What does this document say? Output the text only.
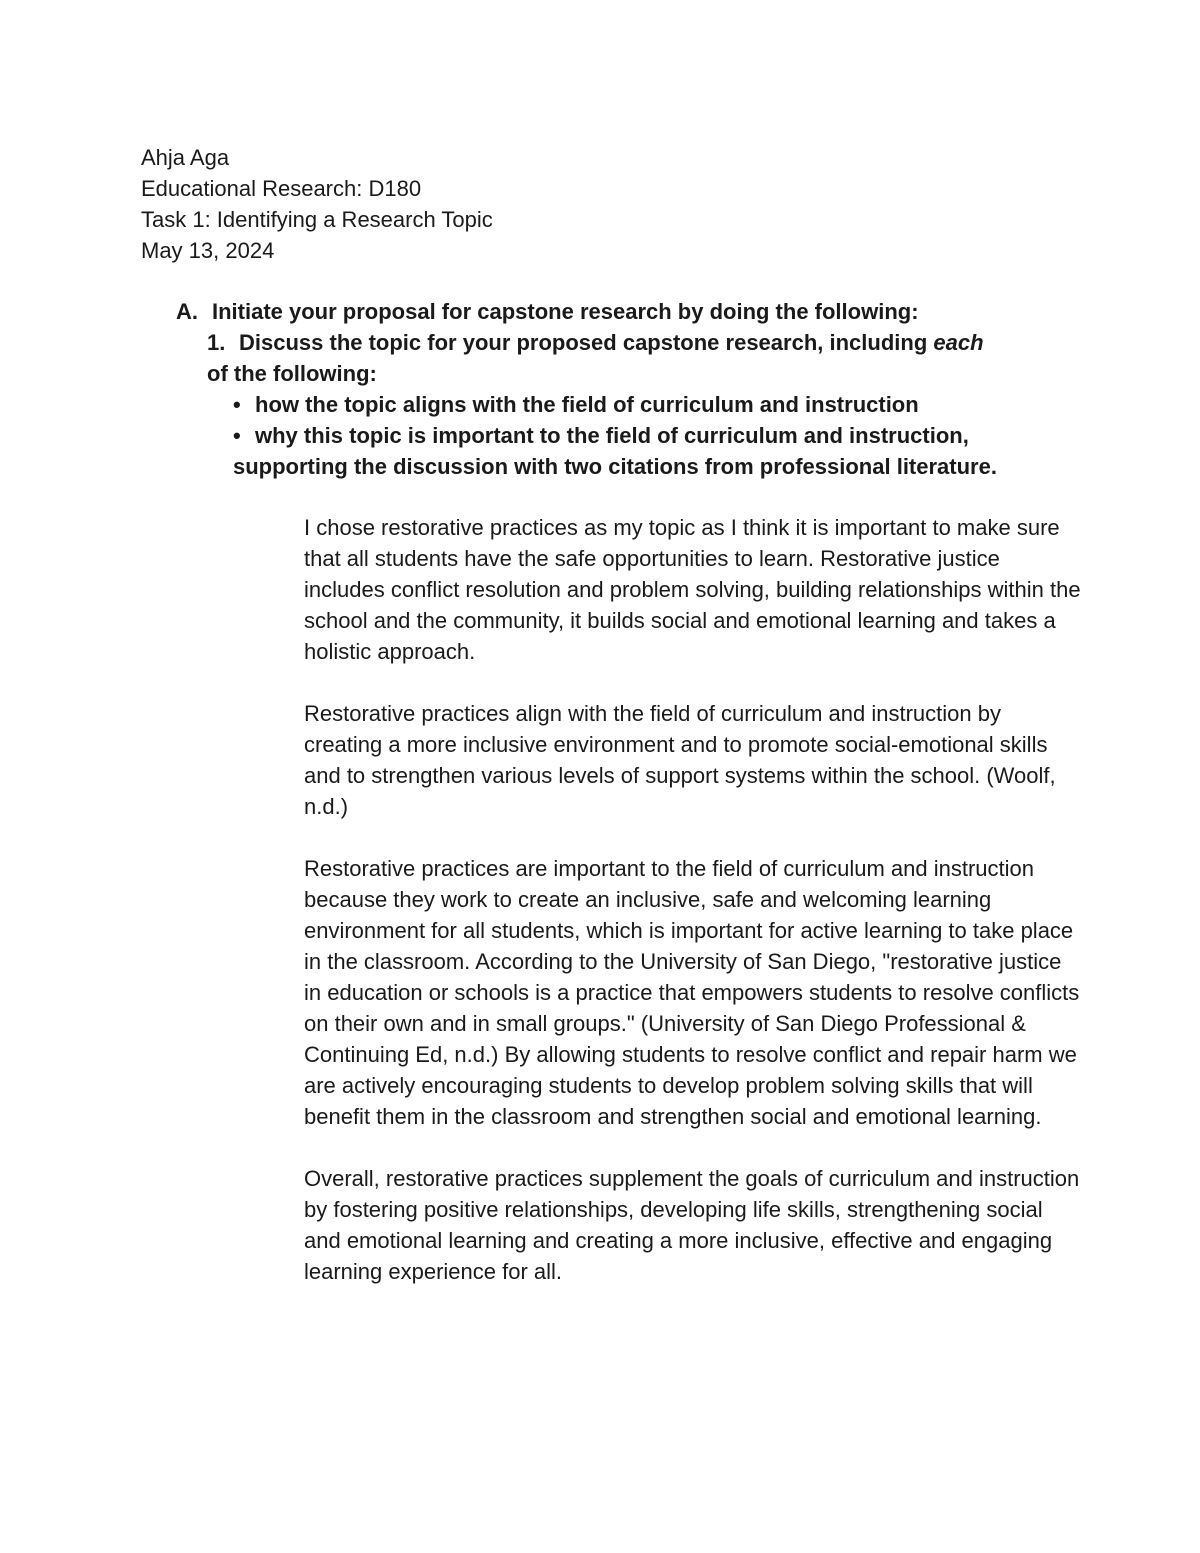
Ahja Aga
Educational Research: D180
Task 1: Identifying a Research Topic
May 13, 2024
A. Initiate your proposal for capstone research by doing the following:
1. Discuss the topic for your proposed capstone research, including each
of the following:
• how the topic aligns with the field of curriculum and instruction
• why this topic is important to the field of curriculum and instruction,
supporting the discussion with two citations from professional literature.

I chose restorative practices as my topic as I think it is important to make sure that all students have the safe opportunities to learn. Restorative justice includes conflict resolution and problem solving, building relationships within the school and the community, it builds social and emotional learning and takes a holistic approach.

Restorative practices align with the field of curriculum and instruction by creating a more inclusive environment and to promote social-emotional skills and to strengthen various levels of support systems within the school. (Woolf, n.d.)

Restorative practices are important to the field of curriculum and instruction because they work to create an inclusive, safe and welcoming learning environment for all students, which is important for active learning to take place in the classroom. According to the University of San Diego, "restorative justice in education or schools is a practice that empowers students to resolve conflicts on their own and in small groups." (University of San Diego Professional & Continuing Ed, n.d.) By allowing students to resolve conflict and repair harm we are actively encouraging students to develop problem solving skills that will benefit them in the classroom and strengthen social and emotional learning.

Overall, restorative practices supplement the goals of curriculum and instruction by fostering positive relationships, developing life skills, strengthening social and emotional learning and creating a more inclusive, effective and engaging learning experience for all.
